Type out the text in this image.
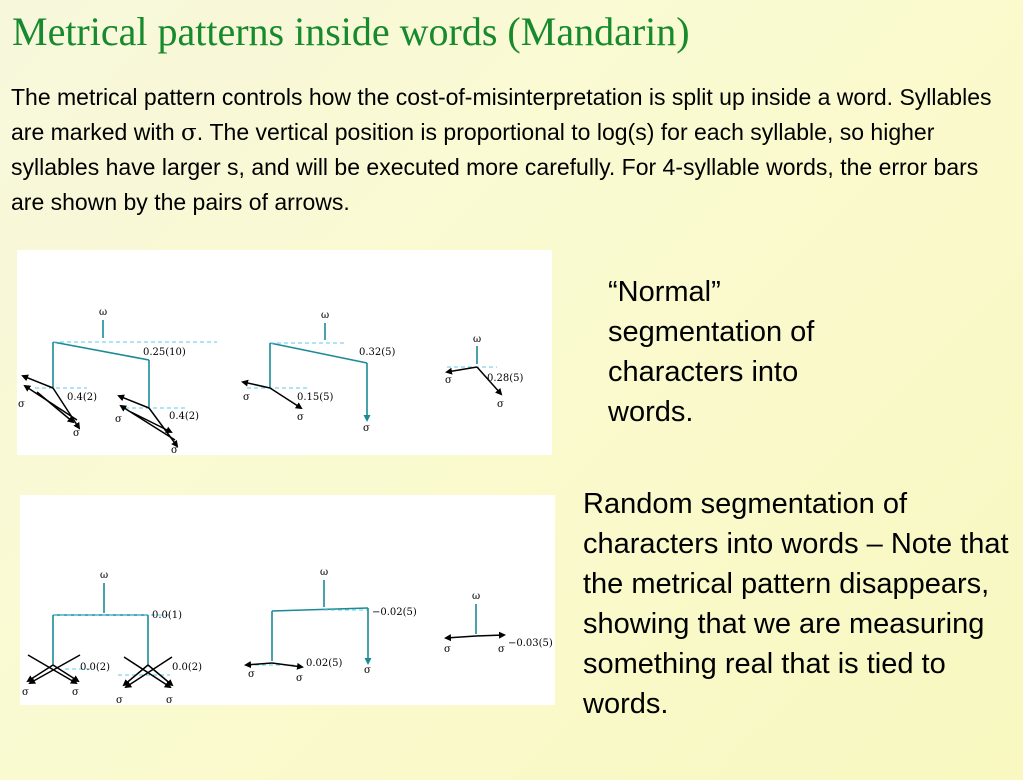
Metrical patterns inside words (Mandarin)
The metrical pattern controls how the cost-of-misinterpretation is split up inside a word. Syllables are marked with σ. The vertical position is proportional to log(s) for each syllable, so higher syllables have larger s, and will be executed more carefully. For 4-syllable words, the error bars are shown by the pairs of arrows.
ω
0.25(10)
0.4(2)
0.4(2)
σ
σ
σ
σ
ω
0.32(5)
0.15(5)
σ
σ
σ
ω
0.28(5)
σ
σ
“Normal” segmentation of characters into words.
ω
0.0(1)
0.0(2)	0.0(2)
σ	σ
σ	σ
ω
−0.02(5)
0.02(5)
σ	σ
σ
ω
−0.03(5)
σ	σ
Random segmentation of characters into words – Note that the metrical pattern disappears, showing that we are measuring something real that is tied to words.
